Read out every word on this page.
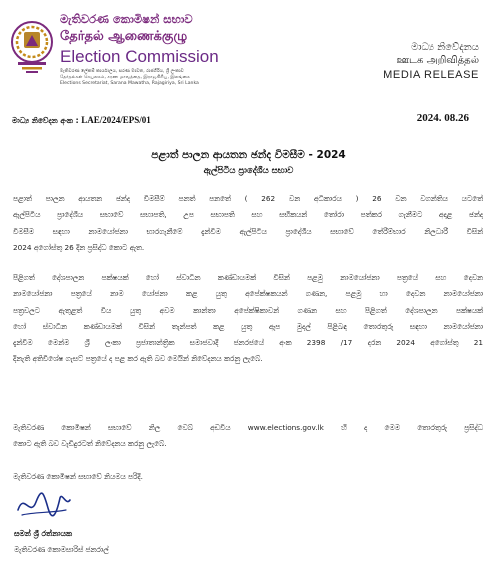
මැතිවරණ කොමිෂන් සභාව
தேர்தல் ஆணைக்குழு
Election Commission
මැතිවරණ ලේකම් කාර්යාලය, සරණ මාවත, රාජගිරිය, ශ්‍රී ලංකාව
தேர்தல்கள் செயலகம், சரண மாவத்தை, இராஜகிரிய, இலங்கை
Elections Secretariat, Sarana Mawatha, Rajagiriya, Sri Lanka
මාධ්‍ය නිවේදනය
ஊடக அறிவித்தல்
MEDIA RELEASE
මාධ්‍ය නිවේදන අංක : LAE/2024/EPS/01	2024. 08.26
පළාත් පාලන ආයතන ඡන්ද විමසීම - 2024
ඇල්පිටිය ප්‍රාදේශීය සභාව
පළාත් පාලන ආයතන ඡන්ද විමසීම් පනත් පනතේ ( 262 වන අධිකාරය ) 26 වන වගන්තිය යටතේ
ඇල්පිටිය ප්‍රාදේශීය සභාවේ සභාපති, උප සභාපති සහ සභිකයන් තෝරා පත්කර ගැනීමට අදාළ ඡන්ද
විමසීම සඳහා නාමයෝජනා භාරගැනීමේ දැන්වීම ඇල්පිටිය ප්‍රාදේශීය සභාවේ තේරීම්භාර නිලධාරී විසින්
2024 අගෝස්තු 26 දින ප්‍රසිද්ධ කොට ඇත.
පිළිගත් දේශපාලන පක්ෂයක් හෝ ස්වාධීන කණ්ඩායමක් විසින් පළමු නාමයෝජනා පත්‍රයේ සහ දෙවන
නාමයෝජනා පත්‍රයේ නාම යෝජනා කළ යුතු අපේක්ෂකයන් ගණන, පළමු හා දෙවන නාමයෝජනා
පත්‍රවලට ඇතුළත් විය යුතු අවම කාන්තා අපේක්ෂිකාවන් ගණන සහ පිළිගත් දේශපාලන පක්ෂයක්
හෝ ස්වාධීන කණ්ඩායමක් විසින් තැන්පත් කළ යුතු ඇප මුදල් පිළිබඳ තොරතුරු සඳහා නාමයෝජනා
දැන්වීම මෙන්ම ශ්‍රී ලංකා ප්‍රජාතාන්ත්‍රික සමාජවාදී ජනරජයේ අංක 2398 /17 දරන 2024 අගෝස්තු 21
දිනැති අතිවිශේෂ ගැසට් පත්‍රයේ ද පළ කර ඇති බව මෙයින් නිවේදනය කරනු ලැබේ.
මැතිවරණ කොමිෂන් සභාවේ නිල වෙබ් අඩවිය www.elections.gov.lk හි ද මෙම තොරතුරු ප්‍රසිද්ධ
කොට ඇති බව වැඩිදුරටත් නිවේදනය කරනු ලැබේ.
මැතිවරණ කොමිෂන් සභාවේ නියමය පරිදි.
සමන් ශ්‍රී රත්නායක
මැතිවරණ කොමසාරිස් ජනරාල්
